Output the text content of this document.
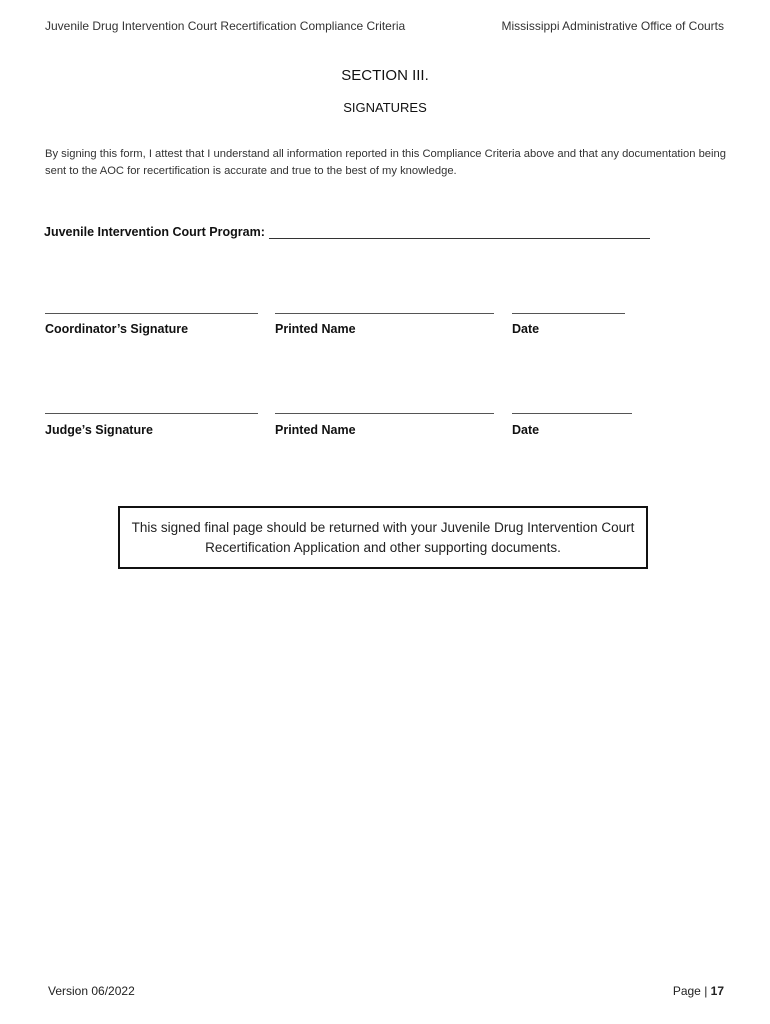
Juvenile Drug Intervention Court Recertification Compliance Criteria	Mississippi Administrative Office of Courts
SECTION III.
SIGNATURES
By signing this form, I attest that I understand all information reported in this Compliance Criteria above and that any documentation being sent to the AOC for recertification is accurate and true to the best of my knowledge.
Juvenile Intervention Court Program:
Coordinator’s Signature	Printed Name	Date
Judge’s Signature	Printed Name	Date
This signed final page should be returned with your Juvenile Drug Intervention Court Recertification Application and other supporting documents.
Version 06/2022	Page | 17
